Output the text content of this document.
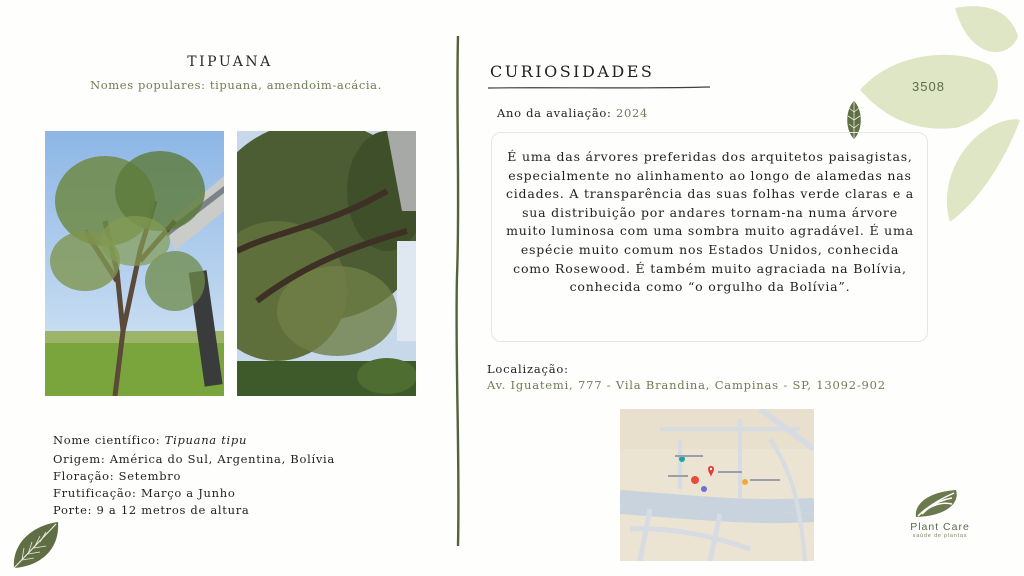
TIPUANA
Nomes populares: tipuana, amendoim-acácia.
Nome científico: Tipuana tipu
Origem: América do Sul, Argentina, Bolívia
Floração: Setembro
Frutificação: Março a Junho
Porte: 9 a 12 metros de altura
CURIOSIDADES
Ano da avaliação: 2024
É uma das árvores preferidas dos arquitetos paisagistas, especialmente no alinhamento ao longo de alamedas nas cidades. A transparência das suas folhas verde claras e a sua distribuição por andares tornam-na numa árvore muito luminosa com uma sombra muito agradável. É uma espécie muito comum nos Estados Unidos, conhecida como Rosewood. É também muito agraciada na Bolívia, conhecida como “o orgulho da Bolívia”.
Localização:
Av. Iguatemi, 777 - Vila Brandina, Campinas - SP, 13092-902
3508
Plant Care
saúde de plantas
